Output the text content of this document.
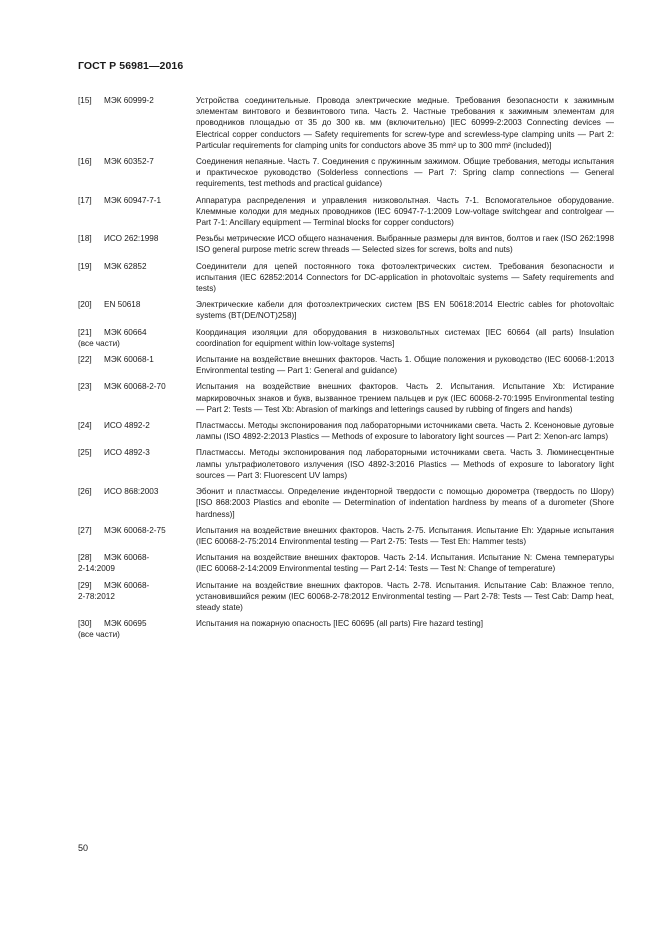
ГОСТ Р 56981—2016
[15]	МЭК 60999-2	Устройства соединительные. Провода электрические медные. Требования безопасности к зажимным элементам винтового и безвинтового типа. Часть 2. Частные требования к зажимным элементам для проводников площадью от 35 до 300 кв. мм (включительно) [IEC 60999-2:2003 Connecting devices — Electrical copper conductors — Safety requirements for screw-type and screwless-type clamping units — Part 2: Particular requirements for clamping units for conductors above 35 mm² up to 300 mm² (included)]
[16]	МЭК 60352-7	Соединения непаяные. Часть 7. Соединения с пружинным зажимом. Общие требования, методы испытания и практическое руководство (Solderless connections — Part 7: Spring clamp connections — General requirements, test methods and practical guidance)
[17]	МЭК 60947-7-1	Аппаратура распределения и управления низковольтная. Часть 7-1. Вспомогательное оборудование. Клеммные колодки для медных проводников (IEC 60947-7-1:2009 Low-voltage switchgear and controlgear — Part 7-1: Ancillary equipment — Terminal blocks for copper conductors)
[18]	ИСО 262:1998	Резьбы метрические ИСО общего назначения. Выбранные размеры для винтов, болтов и гаек (ISO 262:1998 ISO general purpose metric screw threads — Selected sizes for screws, bolts and nuts)
[19]	МЭК 62852	Соединители для цепей постоянного тока фотоэлектрических систем. Требования безопасности и испытания (IEC 62852:2014 Connectors for DC-application in photovoltaic systems — Safety requirements and tests)
[20]	EN 50618	Электрические кабели для фотоэлектрических систем [BS EN 50618:2014 Electric cables for photovoltaic systems (BT(DE/NOT)258)]
[21]	МЭК 60664	Координация изоляции для оборудования в низковольтных системах [IEC 60664 (all parts) Insulation coordination for equipment within low-voltage systems]
(все части)
[22]	МЭК 60068-1	Испытание на воздействие внешних факторов. Часть 1. Общие положения и руководство (IEC 60068-1:2013 Environmental testing — Part 1: General and guidance)
[23]	МЭК 60068-2-70	Испытания на воздействие внешних факторов. Часть 2. Испытания. Испытание Xb: Истирание маркировочных знаков и букв, вызванное трением пальцев и рук (IEC 60068-2-70:1995 Environmental testing — Part 2: Tests — Test Xb: Abrasion of markings and letterings caused by rubbing of fingers and hands)
[24]	ИСО 4892-2	Пластмассы. Методы экспонирования под лабораторными источниками света. Часть 2. Ксеноновые дуговые лампы (ISO 4892-2:2013 Plastics — Methods of exposure to laboratory light sources — Part 2: Xenon-arc lamps)
[25]	ИСО 4892-3	Пластмассы. Методы экспонирования под лабораторными источниками света. Часть 3. Люминесцентные лампы ультрафиолетового излучения (ISO 4892-3:2016 Plastics — Methods of exposure to laboratory light sources — Part 3: Fluorescent UV lamps)
[26]	ИСО 868:2003	Эбонит и пластмассы. Определение инденторной твердости с помощью дюрометра (твердость по Шору) [ISO 868:2003 Plastics and ebonite — Determination of indentation hardness by means of a durometer (Shore hardness)]
[27]	МЭК 60068-2-75	Испытания на воздействие внешних факторов. Часть 2-75. Испытания. Испытание Eh: Ударные испытания (IEC 60068-2-75:2014 Environmental testing — Part 2-75: Tests — Test Eh: Hammer tests)
[28]	МЭК 60068-	Испытания на воздействие внешних факторов. Часть 2-14. Испытания. Испытание N: Смена температуры (IEC 60068-2-14:2009 Environmental testing — Part 2-14: Tests — Test N: Change of temperature)
2-14:2009
[29]	МЭК 60068-	Испытание на воздействие внешних факторов. Часть 2-78. Испытания. Испытание Cab: Влажное тепло, установившийся режим (IEC 60068-2-78:2012 Environmental testing — Part 2-78: Tests — Test Cab: Damp heat, steady state)
2-78:2012
[30]	МЭК 60695	Испытания на пожарную опасность [IEC 60695 (all parts) Fire hazard testing]
(все части)
50
